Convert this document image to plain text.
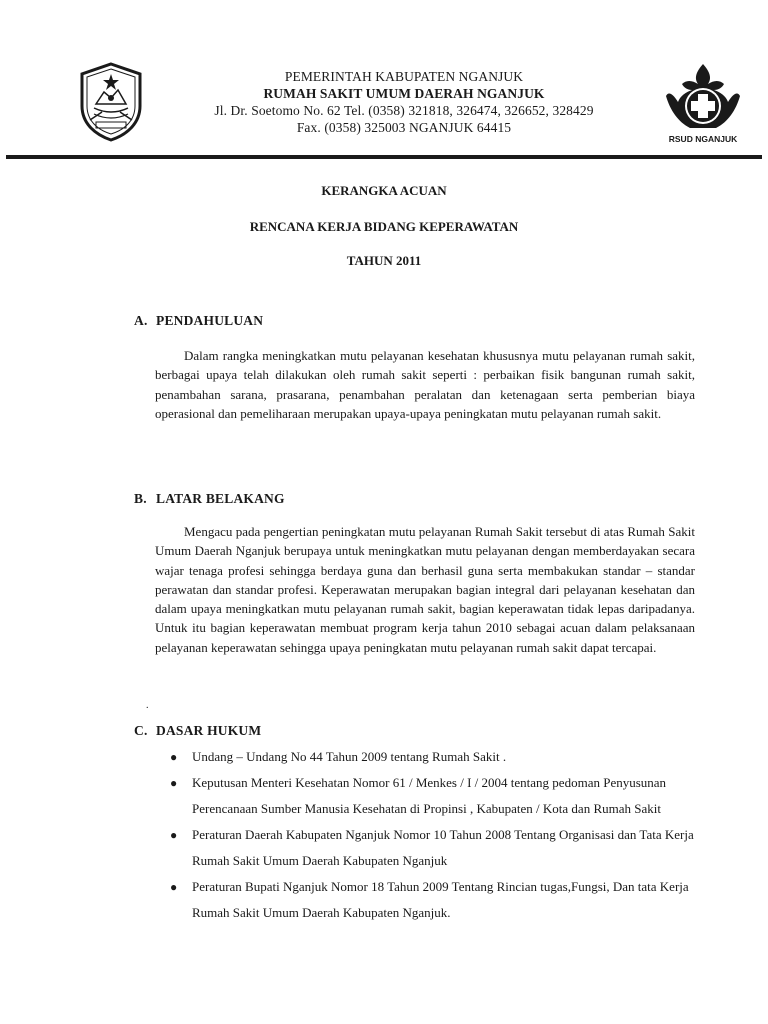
PEMERINTAH KABUPATEN NGANJUK
RUMAH SAKIT UMUM DAERAH NGANJUK
Jl. Dr. Soetomo No. 62 Tel. (0358) 321818, 326474, 326652, 328429
Fax. (0358) 325003 NGANJUK 64415
RSUD NGANJUK
KERANGKA ACUAN
RENCANA KERJA BIDANG KEPERAWATAN
TAHUN 2011
A. PENDAHULUAN

Dalam rangka meningkatkan mutu pelayanan kesehatan khususnya mutu pelayanan rumah sakit, berbagai upaya telah dilakukan oleh rumah sakit seperti : perbaikan fisik bangunan rumah sakit, penambahan sarana, prasarana, penambahan peralatan dan ketenagaan serta pemberian biaya operasional dan pemeliharaan merupakan upaya-upaya peningkatan mutu pelayanan rumah sakit.

B. LATAR BELAKANG

Mengacu pada pengertian peningkatan mutu pelayanan Rumah Sakit tersebut di atas Rumah Sakit Umum Daerah Nganjuk berupaya untuk meningkatkan mutu pelayanan dengan memberdayakan secara wajar tenaga profesi sehingga berdaya guna dan berhasil guna serta membakukan standar – standar perawatan dan standar profesi. Keperawatan merupakan bagian integral dari pelayanan kesehatan dan dalam upaya meningkatkan mutu pelayanan rumah sakit, bagian keperawatan tidak lepas daripadanya. Untuk itu bagian keperawatan membuat program kerja tahun 2010 sebagai acuan dalam pelaksanaan pelayanan keperawatan sehingga upaya peningkatan mutu pelayanan rumah sakit dapat tercapai.

.
C. DASAR HUKUM
● Undang – Undang No 44 Tahun 2009 tentang Rumah Sakit .
● Keputusan Menteri Kesehatan Nomor 61 / Menkes / I / 2004 tentang pedoman Penyusunan Perencanaan Sumber Manusia Kesehatan di Propinsi , Kabupaten / Kota dan Rumah Sakit
● Peraturan Daerah Kabupaten Nganjuk Nomor 10 Tahun 2008 Tentang Organisasi dan Tata Kerja Rumah Sakit Umum Daerah Kabupaten Nganjuk
● Peraturan Bupati Nganjuk Nomor 18 Tahun 2009 Tentang Rincian tugas,Fungsi, Dan tata Kerja Rumah Sakit Umum Daerah Kabupaten Nganjuk.
